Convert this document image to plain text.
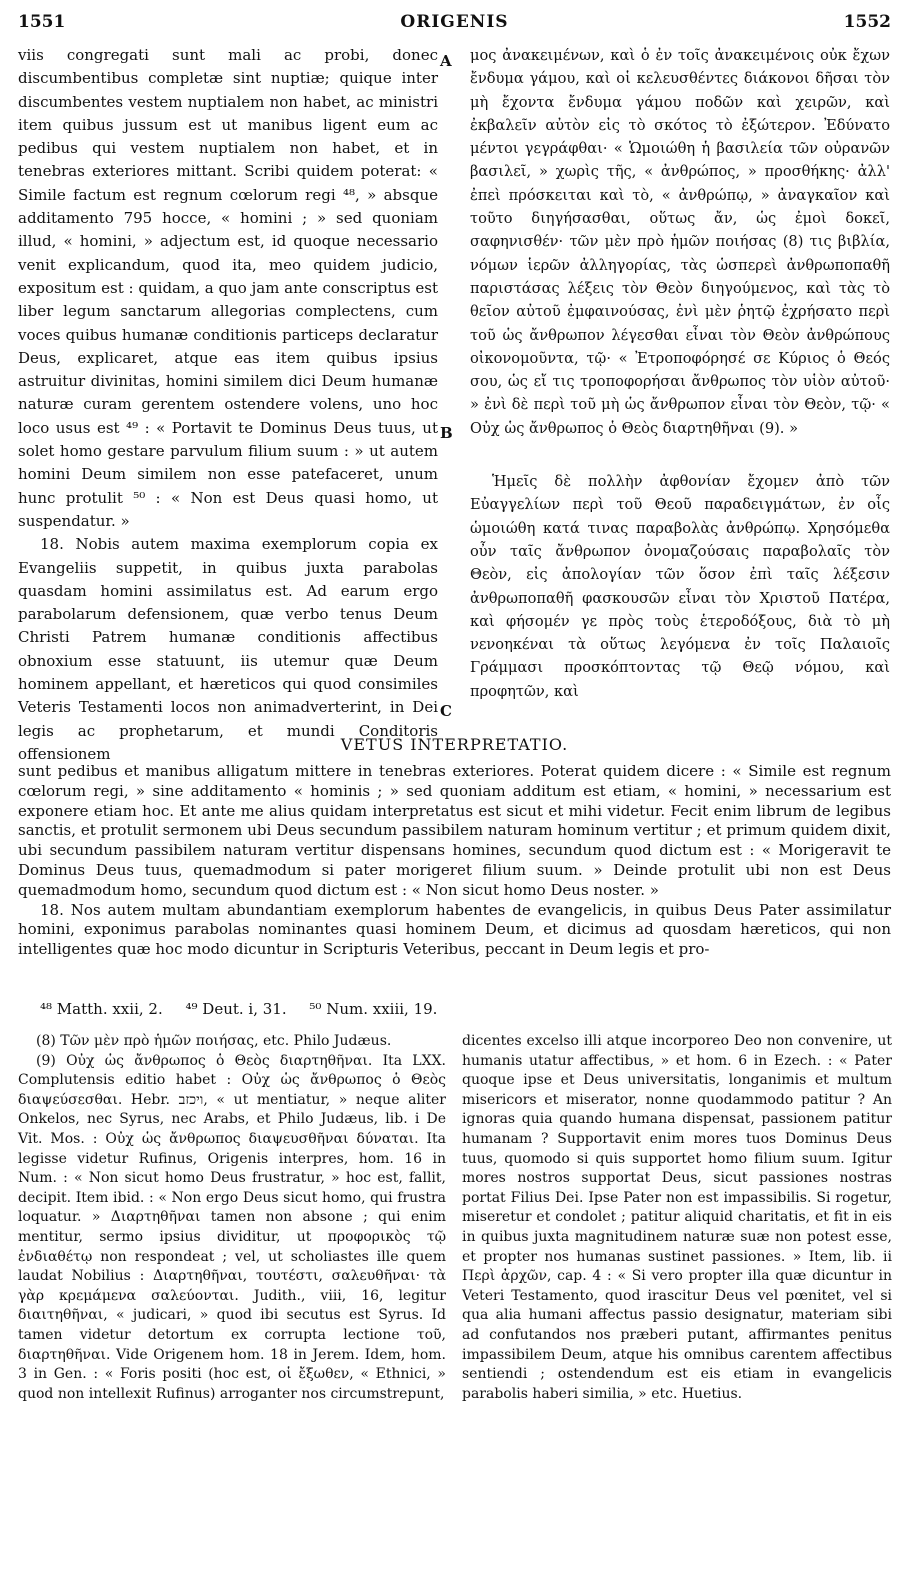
1551	ORIGENIS	1552

viis congregati sunt mali ac probi, donec discumbentibus completæ sint nuptiæ; quique inter discumbentes vestem nuptialem non habet, ac ministri item quibus jussum est ut manibus ligent eum ac pedibus qui vestem nuptialem non habet, et in tenebras exteriores mittant. Scribi quidem poterat: « Simile factum est regnum cœlorum regi ⁴⁸, » absque additamento 795 hocce, « homini ; » sed quoniam illud, « homini, » adjectum est, id quoque necessario venit explicandum, quod ita, meo quidem judicio, expositum est : quidam, a quo jam ante conscriptus est liber legum sanctarum allegorias complectens, cum voces quibus humanæ conditionis particeps declaratur Deus, explicaret, atque eas item quibus ipsius astruitur divinitas, homini similem dici Deum humanæ naturæ curam gerentem ostendere volens, uno hoc loco usus est ⁴⁹ : « Portavit te Dominus Deus tuus, ut solet homo gestare parvulum filium suum : » ut autem homini Deum similem non esse patefaceret, unum hunc protulit ⁵⁰ : « Non est Deus quasi homo, ut suspendatur. »

18. Nobis autem maxima exemplorum copia ex Evangeliis suppetit, in quibus juxta parabolas quasdam homini assimilatus est. Ad earum ergo parabolarum defensionem, quæ verbo tenus Deum Christi Patrem humanæ conditionis affectibus obnoxium esse statuunt, iis utemur quæ Deum hominem appellant, et hæreticos qui quod consimiles Veteris Testamenti locos non animadverterint, in Dei legis ac prophetarum, et mundi Conditoris offensionem

A
B
C

μος ἀνακειμένων, καὶ ὁ ἐν τοῖς ἀνακειμένοις οὐκ ἔχων ἔνδυμα γάμου, καὶ οἱ κελευσθέντες διάκονοι δῆσαι τὸν μὴ ἔχοντα ἔνδυμα γάμου ποδῶν καὶ χειρῶν, καὶ ἐκβαλεῖν αὐτὸν εἰς τὸ σκότος τὸ ἐξώτερον. Ἐδύνατο μέντοι γεγράφθαι· « Ὡμοιώθη ἡ βασιλεία τῶν οὐρανῶν βασιλεῖ, » χωρὶς τῆς, « ἀνθρώπος, » προσθήκης· ἀλλ' ἐπεὶ πρόσκειται καὶ τὸ, « ἀνθρώπῳ, » ἀναγκαῖον καὶ τοῦτο διηγήσασθαι, οὕτως ἄν, ὡς ἐμοὶ δοκεῖ, σαφηνισθέν· τῶν μὲν πρὸ ἡμῶν ποιήσας (8) τις βιβλία, νόμων ἱερῶν ἀλληγορίας, τὰς ὡσπερεὶ ἀνθρωποπαθῆ παριστάσας λέξεις τὸν Θεὸν διηγούμενος, καὶ τὰς τὸ θεῖον αὐτοῦ ἐμφαινούσας, ἐνὶ μὲν ῥητῷ ἐχρήσατο περὶ τοῦ ὡς ἄνθρωπον λέγεσθαι εἶναι τὸν Θεὸν ἀνθρώπους οἰκονομοῦντα, τῷ· « Ἐτροποφόρησέ σε Κύριος ὁ Θεός σου, ὡς εἴ τις τροποφορήσαι ἄνθρωπος τὸν υἱὸν αὐτοῦ· » ἐνὶ δὲ περὶ τοῦ μὴ ὡς ἄνθρωπον εἶναι τὸν Θεὸν, τῷ· « Οὐχ ὡς ἄνθρωπος ὁ Θεὸς διαρτηθῆναι (9). »

Ἡμεῖς δὲ πολλὴν ἀφθονίαν ἔχομεν ἀπὸ τῶν Εὐαγγελίων περὶ τοῦ Θεοῦ παραδειγμάτων, ἐν οἷς ὡμοιώθη κατά τινας παραβολὰς ἀνθρώπῳ. Χρησόμεθα οὖν ταῖς ἄνθρωπον ὀνομαζούσαις παραβολαῖς τὸν Θεὸν, εἰς ἀπολογίαν τῶν ὅσον ἐπὶ ταῖς λέξεσιν ἀνθρωποπαθῆ φασκουσῶν εἶναι τὸν Χριστοῦ Πατέρα, καὶ φήσομέν γε πρὸς τοὺς ἑτεροδόξους, διὰ τὸ μὴ νενοηκέναι τὰ οὕτως λεγόμενα ἐν τοῖς Παλαιοῖς Γράμμασι προσκόπτοντας τῷ Θεῷ νόμου, καὶ προφητῶν, καὶ

VETUS INTERPRETATIO.

sunt pedibus et manibus alligatum mittere in tenebras exteriores. Poterat quidem dicere : « Simile est regnum cœlorum regi, » sine additamento « hominis ; » sed quoniam additum est etiam, « homini, » necessarium est exponere etiam hoc. Et ante me alius quidam interpretatus est sicut et mihi videtur. Fecit enim librum de legibus sanctis, et protulit sermonem ubi Deus secundum passibilem naturam hominum vertitur ; et primum quidem dixit, ubi secundum passibilem naturam vertitur dispensans homines, secundum quod dictum est : « Morigeravit te Dominus Deus tuus, quemadmodum si pater morigeret filium suum. » Deinde protulit ubi non est Deus quemadmodum homo, secundum quod dictum est : « Non sicut homo Deus noster. »

18. Nos autem multam abundantiam exemplorum habentes de evangelicis, in quibus Deus Pater assimilatur homini, exponimus parabolas nominantes quasi hominem Deum, et dicimus ad quosdam hæreticos, qui non intelligentes quæ hoc modo dicuntur in Scripturis Veteribus, peccant in Deum legis et pro-

⁴⁸ Matth. xxii, 2. ⁴⁹ Deut. i, 31. ⁵⁰ Num. xxiii, 19.

(8) Τῶν μὲν πρὸ ἡμῶν ποιήσας, etc. Philo Judæus.

(9) Οὐχ ὡς ἄνθρωπος ὁ Θεὸς διαρτηθῆναι. Ita LXX. Complutensis editio habet : Οὐχ ὡς ἄνθρωπος ὁ Θεὸς διαψεύσεσθαι. Hebr. ויכזב, « ut mentiatur, » neque aliter Onkelos, nec Syrus, nec Arabs, et Philo Judæus, lib. i De Vit. Mos. : Οὐχ ὡς ἄνθρωπος διαψευσθῆναι δύναται. Ita legisse videtur Rufinus, Origenis interpres, hom. 16 in Num. : « Non sicut homo Deus frustratur, » hoc est, fallit, decipit. Item ibid. : « Non ergo Deus sicut homo, qui frustra loquatur. » Διαρτηθῆναι tamen non absone ; qui enim mentitur, sermo ipsius dividitur, ut προφορικὸς τῷ ἐνδιαθέτῳ non respondeat ; vel, ut scholiastes ille quem laudat Nobilius : Διαρτηθῆναι, τουτέστι, σαλευθῆναι· τὰ γὰρ κρεμάμενα σαλεύονται. Judith., viii, 16, legitur διαιτηθῆναι, « judicari, » quod ibi secutus est Syrus. Id tamen videtur detortum ex corrupta lectione τοῦ, διαρτηθῆναι. Vide Origenem hom. 18 in Jerem. Idem, hom. 3 in Gen. : « Foris positi (hoc est, οἱ ἔξωθεν, « Ethnici, » quod non intellexit Rufinus) arroganter nos circumstrepunt,

dicentes excelso illi atque incorporeo Deo non convenire, ut humanis utatur affectibus, » et hom. 6 in Ezech. : « Pater quoque ipse et Deus universitatis, longanimis et multum misericors et miserator, nonne quodammodo patitur ? An ignoras quia quando humana dispensat, passionem patitur humanam ? Supportavit enim mores tuos Dominus Deus tuus, quomodo si quis supportet homo filium suum. Igitur mores nostros supportat Deus, sicut passiones nostras portat Filius Dei. Ipse Pater non est impassibilis. Si rogetur, miseretur et condolet ; patitur aliquid charitatis, et fit in eis in quibus juxta magnitudinem naturæ suæ non potest esse, et propter nos humanas sustinet passiones. » Item, lib. ii Περὶ ἀρχῶν, cap. 4 : « Si vero propter illa quæ dicuntur in Veteri Testamento, quod irascitur Deus vel pœnitet, vel si qua alia humani affectus passio designatur, materiam sibi ad confutandos nos præberi putant, affirmantes penitus impassibilem Deum, atque his omnibus carentem affectibus sentiendi ; ostendendum est eis etiam in evangelicis parabolis haberi similia, » etc. Huetius.
